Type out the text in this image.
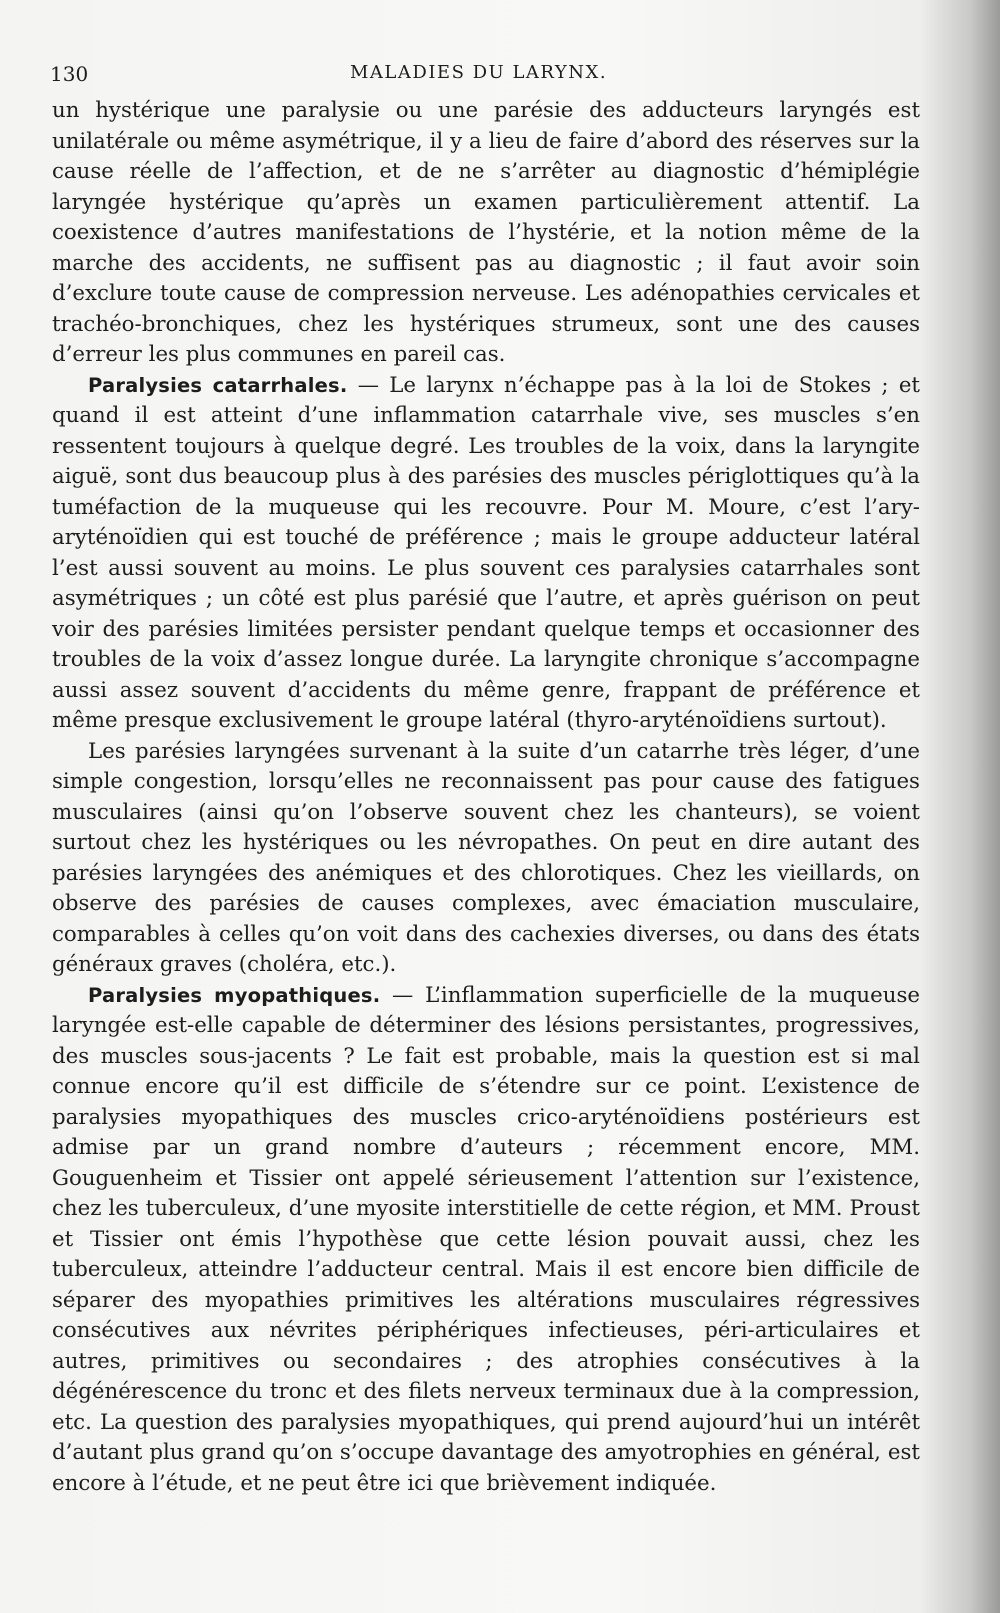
130	MALADIES DU LARYNX.

un hystérique une paralysie ou une parésie des adducteurs laryngés est unilatérale ou même asymétrique, il y a lieu de faire d’abord des réserves sur la cause réelle de l’affection, et de ne s’arrêter au diagnostic d’hémiplégie laryngée hystérique qu’après un examen particulièrement attentif. La coexistence d’autres manifestations de l’hystérie, et la notion même de la marche des accidents, ne suffisent pas au diagnostic ; il faut avoir soin d’exclure toute cause de compression nerveuse. Les adénopathies cervicales et trachéo-bronchiques, chez les hystériques strumeux, sont une des causes d’erreur les plus communes en pareil cas.

Paralysies catarrhales. — Le larynx n’échappe pas à la loi de Stokes ; et quand il est atteint d’une inflammation catarrhale vive, ses muscles s’en ressentent toujours à quelque degré. Les troubles de la voix, dans la laryngite aiguë, sont dus beaucoup plus à des parésies des muscles périglottiques qu’à la tuméfaction de la muqueuse qui les recouvre. Pour M. Moure, c’est l’ary-aryténoïdien qui est touché de préférence ; mais le groupe adducteur latéral l’est aussi souvent au moins. Le plus souvent ces paralysies catarrhales sont asymétriques ; un côté est plus parésié que l’autre, et après guérison on peut voir des parésies limitées persister pendant quelque temps et occasionner des troubles de la voix d’assez longue durée. La laryngite chronique s’accompagne aussi assez souvent d’accidents du même genre, frappant de préférence et même presque exclusivement le groupe latéral (thyro-aryténoïdiens surtout).

Les parésies laryngées survenant à la suite d’un catarrhe très léger, d’une simple congestion, lorsqu’elles ne reconnaissent pas pour cause des fatigues musculaires (ainsi qu’on l’observe souvent chez les chanteurs), se voient surtout chez les hystériques ou les névropathes. On peut en dire autant des parésies laryngées des anémiques et des chlorotiques. Chez les vieillards, on observe des parésies de causes complexes, avec émaciation musculaire, comparables à celles qu’on voit dans des cachexies diverses, ou dans des états généraux graves (choléra, etc.).

Paralysies myopathiques. — L’inflammation superficielle de la muqueuse laryngée est-elle capable de déterminer des lésions persistantes, progressives, des muscles sous-jacents ? Le fait est probable, mais la question est si mal connue encore qu’il est difficile de s’étendre sur ce point. L’existence de paralysies myopathiques des muscles crico-aryténoïdiens postérieurs est admise par un grand nombre d’auteurs ; récemment encore, MM. Gouguenheim et Tissier ont appelé sérieusement l’attention sur l’existence, chez les tuberculeux, d’une myosite interstitielle de cette région, et MM. Proust et Tissier ont émis l’hypothèse que cette lésion pouvait aussi, chez les tuberculeux, atteindre l’adducteur central. Mais il est encore bien difficile de séparer des myopathies primitives les altérations musculaires régressives consécutives aux névrites périphériques infectieuses, péri-articulaires et autres, primitives ou secondaires ; des atrophies consécutives à la dégénérescence du tronc et des filets nerveux terminaux due à la compression, etc. La question des paralysies myopathiques, qui prend aujourd’hui un intérêt d’autant plus grand qu’on s’occupe davantage des amyotrophies en général, est encore à l’étude, et ne peut être ici que brièvement indiquée.
